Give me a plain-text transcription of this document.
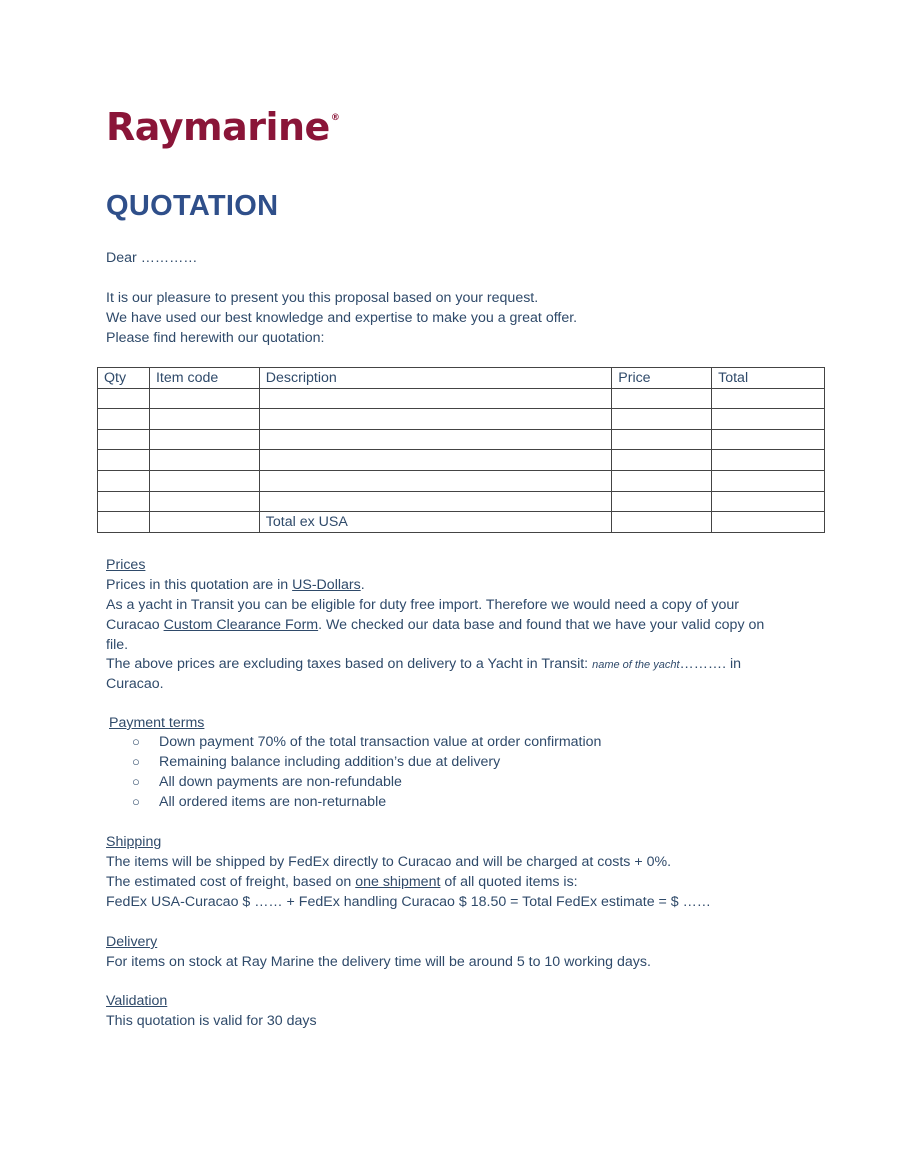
Raymarine®
QUOTATION
Dear …………
It is our pleasure to present you this proposal based on your request.
We have used our best knowledge and expertise to make you a great offer.
Please find herewith our quotation:
Qty	Item code	Description	Price	Total

		Total ex USA		
Prices
Prices in this quotation are in US-Dollars.
As a yacht in Transit you can be eligible for duty free import. Therefore we would need a copy of your
Curacao Custom Clearance Form. We checked our data base and found that we have your valid copy on
file.
The above prices are excluding taxes based on delivery to a Yacht in Transit: name of the yacht………. in
Curacao.
Payment terms
○ Down payment 70% of the total transaction value at order confirmation
○ Remaining balance including addition’s due at delivery
○ All down payments are non-refundable
○ All ordered items are non-returnable
Shipping
The items will be shipped by FedEx directly to Curacao and will be charged at costs + 0%.
The estimated cost of freight, based on one shipment of all quoted items is:
FedEx USA-Curacao $ …… + FedEx handling Curacao $ 18.50 = Total FedEx estimate = $ ……
Delivery
For items on stock at Ray Marine the delivery time will be around 5 to 10 working days.
Validation
This quotation is valid for 30 days
